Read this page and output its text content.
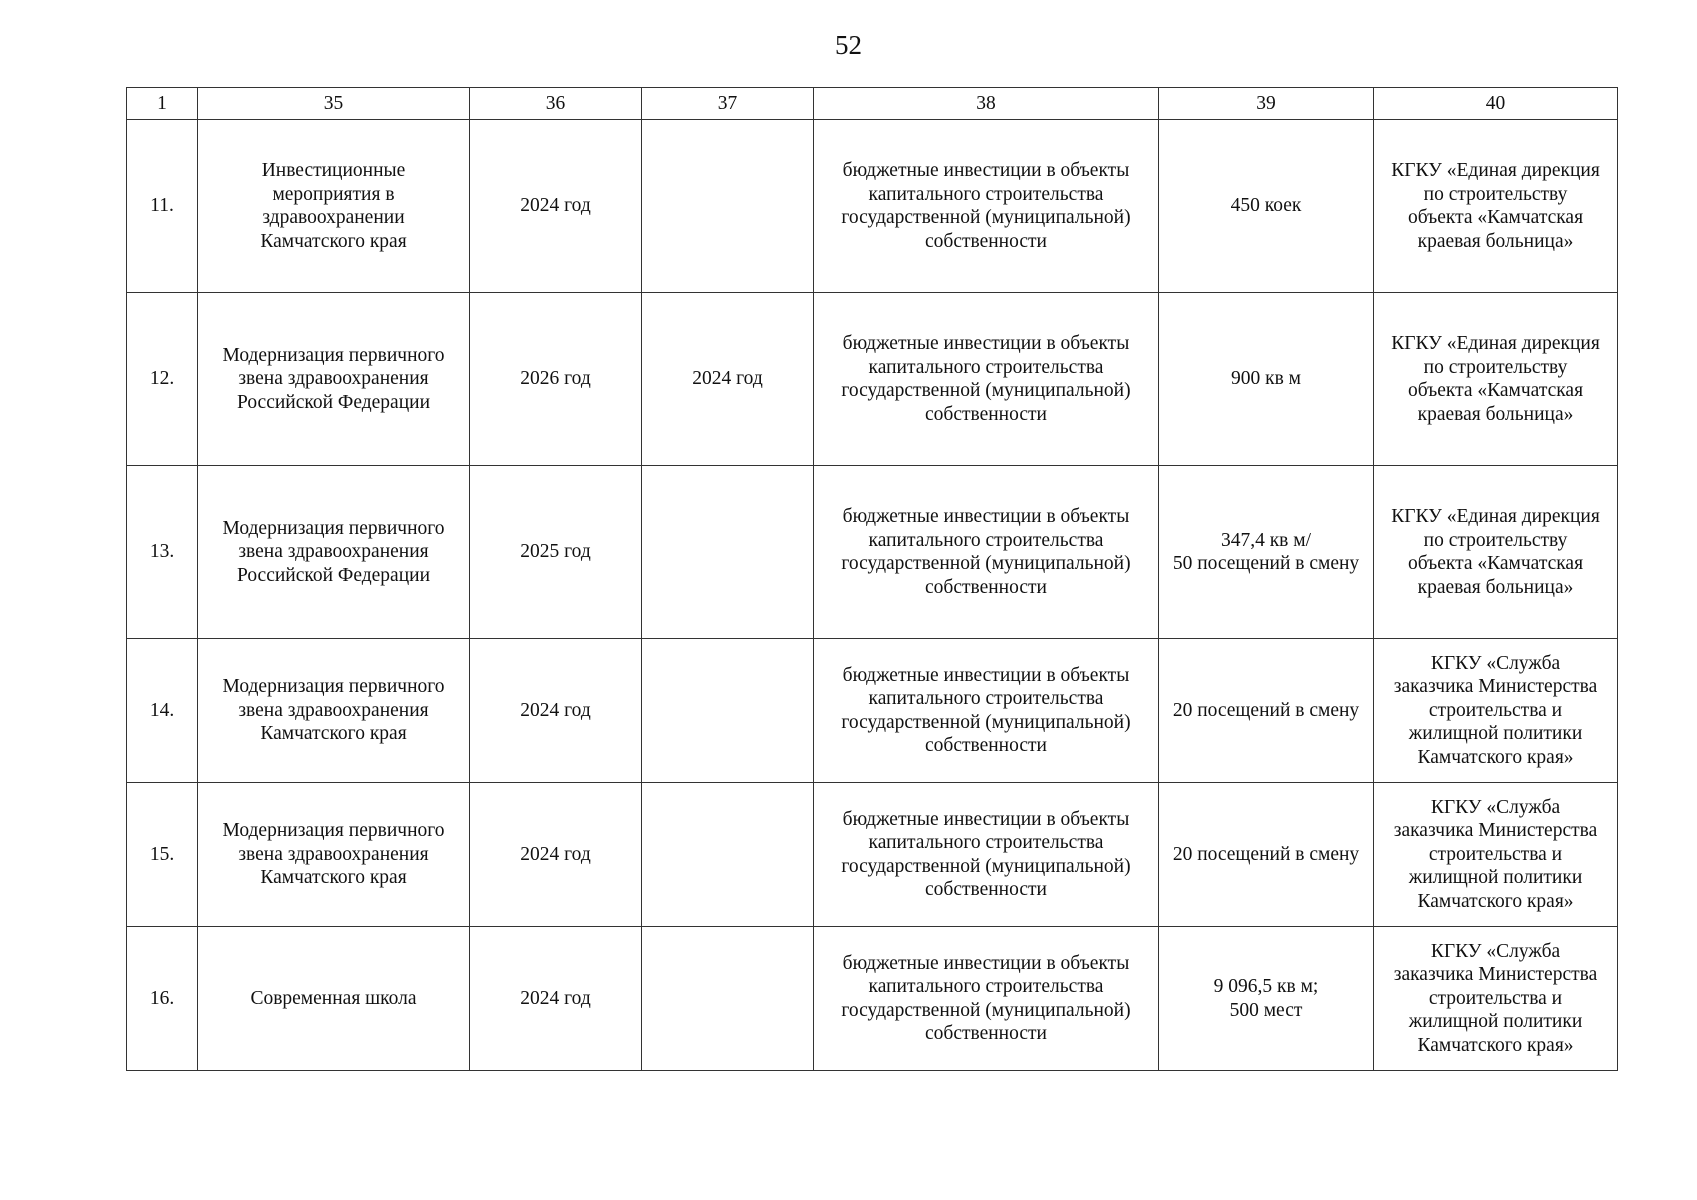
52
1	35	36	37	38	39	40

11.	Инвестиционные
мероприятия в
здравоохранении
Камчатского края	2024 год		бюджетные инвестиции в объекты
капитального строительства
государственной (муниципальной)
собственности	450 коек	КГКУ «Единая дирекция
по строительству
объекта «Камчатская
краевая больница»

12.	Модернизация первичного
звена здравоохранения
Российской Федерации	2026 год	2024 год	бюджетные инвестиции в объекты
капитального строительства
государственной (муниципальной)
собственности	900 кв м	КГКУ «Единая дирекция
по строительству
объекта «Камчатская
краевая больница»

13.	Модернизация первичного
звена здравоохранения
Российской Федерации	2025 год		бюджетные инвестиции в объекты
капитального строительства
государственной (муниципальной)
собственности	347,4 кв м/
50 посещений в смену	КГКУ «Единая дирекция
по строительству
объекта «Камчатская
краевая больница»

14.	Модернизация первичного
звена здравоохранения
Камчатского края	2024 год		бюджетные инвестиции в объекты
капитального строительства
государственной (муниципальной)
собственности	20 посещений в смену	КГКУ «Служба
заказчика Министерства
строительства и
жилищной политики
Камчатского края»

15.	Модернизация первичного
звена здравоохранения
Камчатского края	2024 год		бюджетные инвестиции в объекты
капитального строительства
государственной (муниципальной)
собственности	20 посещений в смену	КГКУ «Служба
заказчика Министерства
строительства и
жилищной политики
Камчатского края»

16.	Современная школа	2024 год		бюджетные инвестиции в объекты
капитального строительства
государственной (муниципальной)
собственности	9 096,5 кв м;
500 мест	КГКУ «Служба
заказчика Министерства
строительства и
жилищной политики
Камчатского края»
